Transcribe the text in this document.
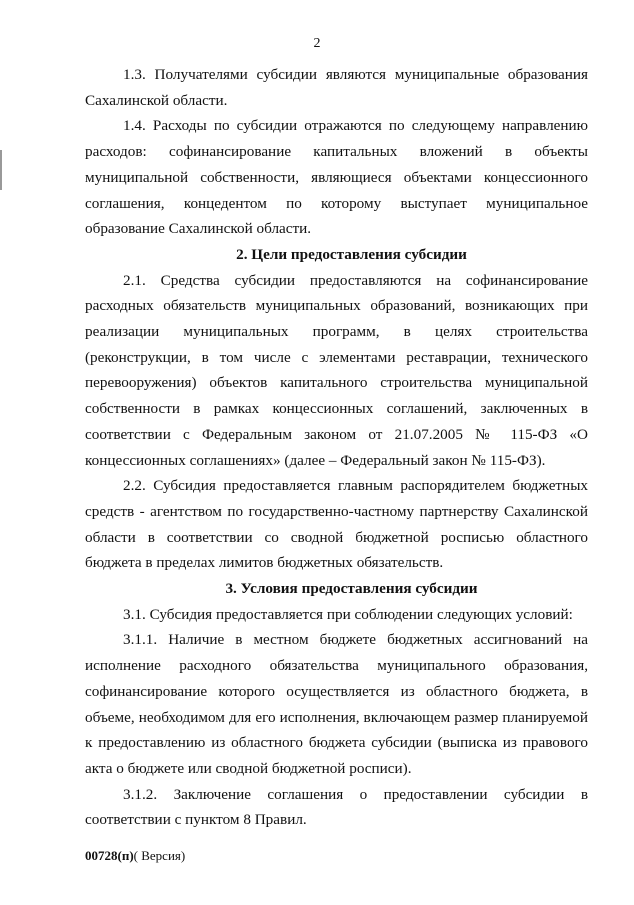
2

1.3. Получателями субсидии являются муниципальные образования Сахалинской области.

1.4. Расходы по субсидии отражаются по следующему направлению расходов: софинансирование капитальных вложений в объекты муниципальной собственности, являющиеся объектами концессионного соглашения, концедентом по которому выступает муниципальное образование Сахалинской области.

2. Цели предоставления субсидии

2.1. Средства субсидии предоставляются на софинансирование расходных обязательств муниципальных образований, возникающих при реализации муниципальных программ, в целях строительства (реконструкции, в том числе с элементами реставрации, технического перевооружения) объектов капитального строительства муниципальной собственности в рамках концессионных соглашений, заключенных в соответствии с Федеральным законом от 21.07.2005 № 115-ФЗ «О концессионных соглашениях» (далее – Федеральный закон № 115-ФЗ).

2.2. Субсидия предоставляется главным распорядителем бюджетных средств - агентством по государственно-частному партнерству Сахалинской области в соответствии со сводной бюджетной росписью областного бюджета в пределах лимитов бюджетных обязательств.

3. Условия предоставления субсидии

3.1. Субсидия предоставляется при соблюдении следующих условий:

3.1.1. Наличие в местном бюджете бюджетных ассигнований на исполнение расходного обязательства муниципального образования, софинансирование которого осуществляется из областного бюджета, в объеме, необходимом для его исполнения, включающем размер планируемой к предоставлению из областного бюджета субсидии (выписка из правового акта о бюджете или сводной бюджетной росписи).

3.1.2. Заключение соглашения о предоставлении субсидии в соответствии с пунктом 8 Правил.

00728(п)( Версия)
